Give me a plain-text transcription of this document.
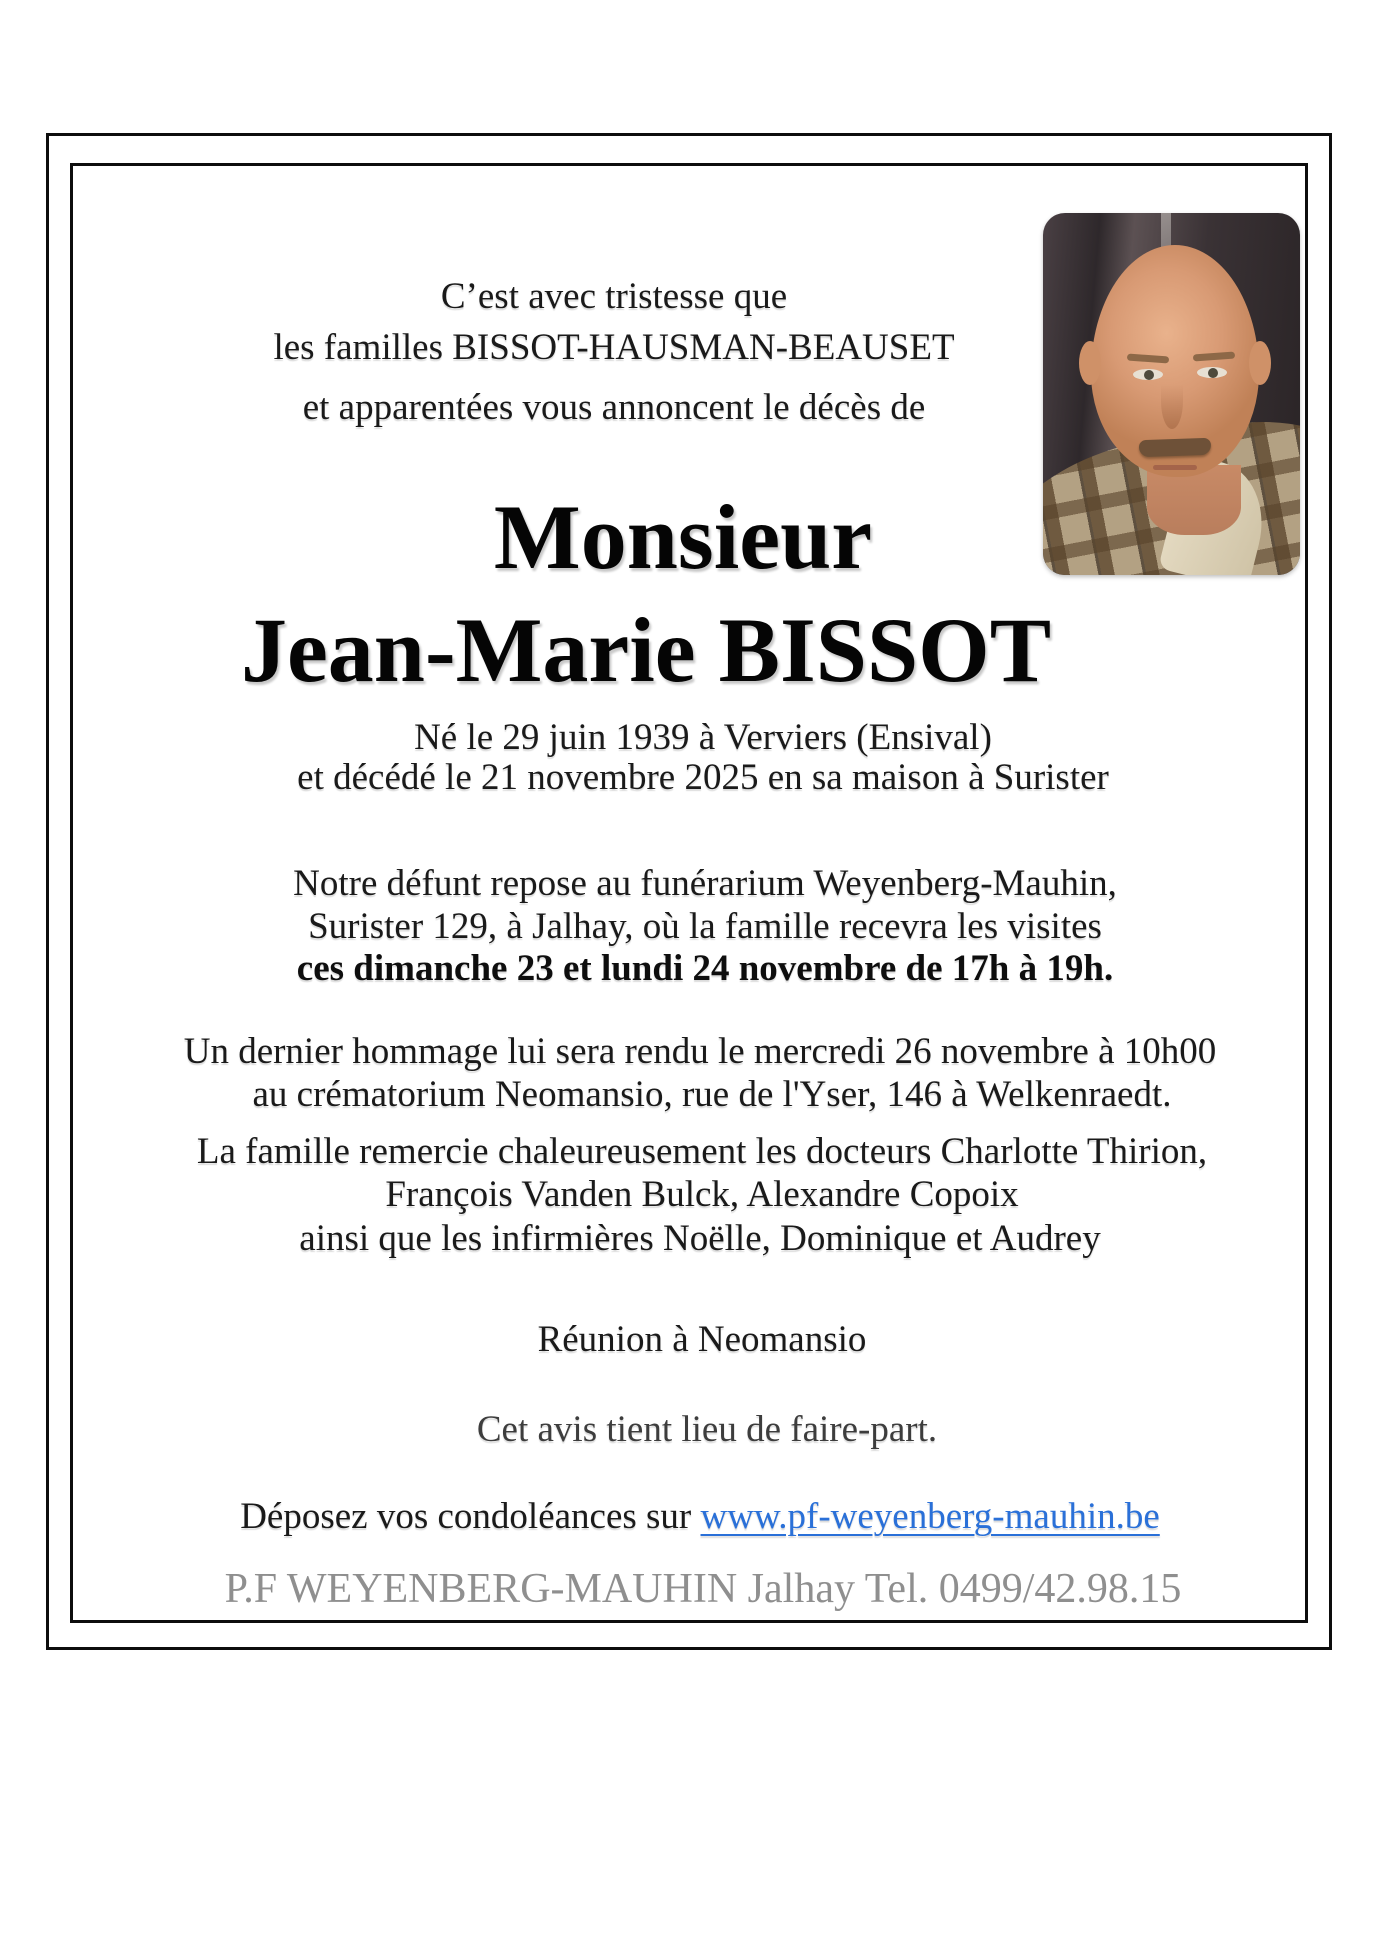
C’est avec tristesse que
les familles BISSOT-HAUSMAN-BEAUSET
et apparentées vous annoncent le décès de
Monsieur
Jean-Marie BISSOT
Né le 29 juin 1939 à Verviers (Ensival)
et décédé le 21 novembre 2025 en sa maison à Surister
Notre défunt repose au funérarium Weyenberg-Mauhin,
Surister 129, à Jalhay, où la famille recevra les visites
ces dimanche 23 et lundi 24 novembre de 17h à 19h.
Un dernier hommage lui sera rendu le mercredi 26 novembre à 10h00
au crématorium Neomansio, rue de l'Yser, 146 à Welkenraedt.
La famille remercie chaleureusement les docteurs Charlotte Thirion,
François Vanden Bulck, Alexandre Copoix
ainsi que les infirmières Noëlle, Dominique et Audrey
Réunion à Neomansio
Cet avis tient lieu de faire-part.
Déposez vos condoléances sur www.pf-weyenberg-mauhin.be
P.F WEYENBERG-MAUHIN Jalhay Tel. 0499/42.98.15
